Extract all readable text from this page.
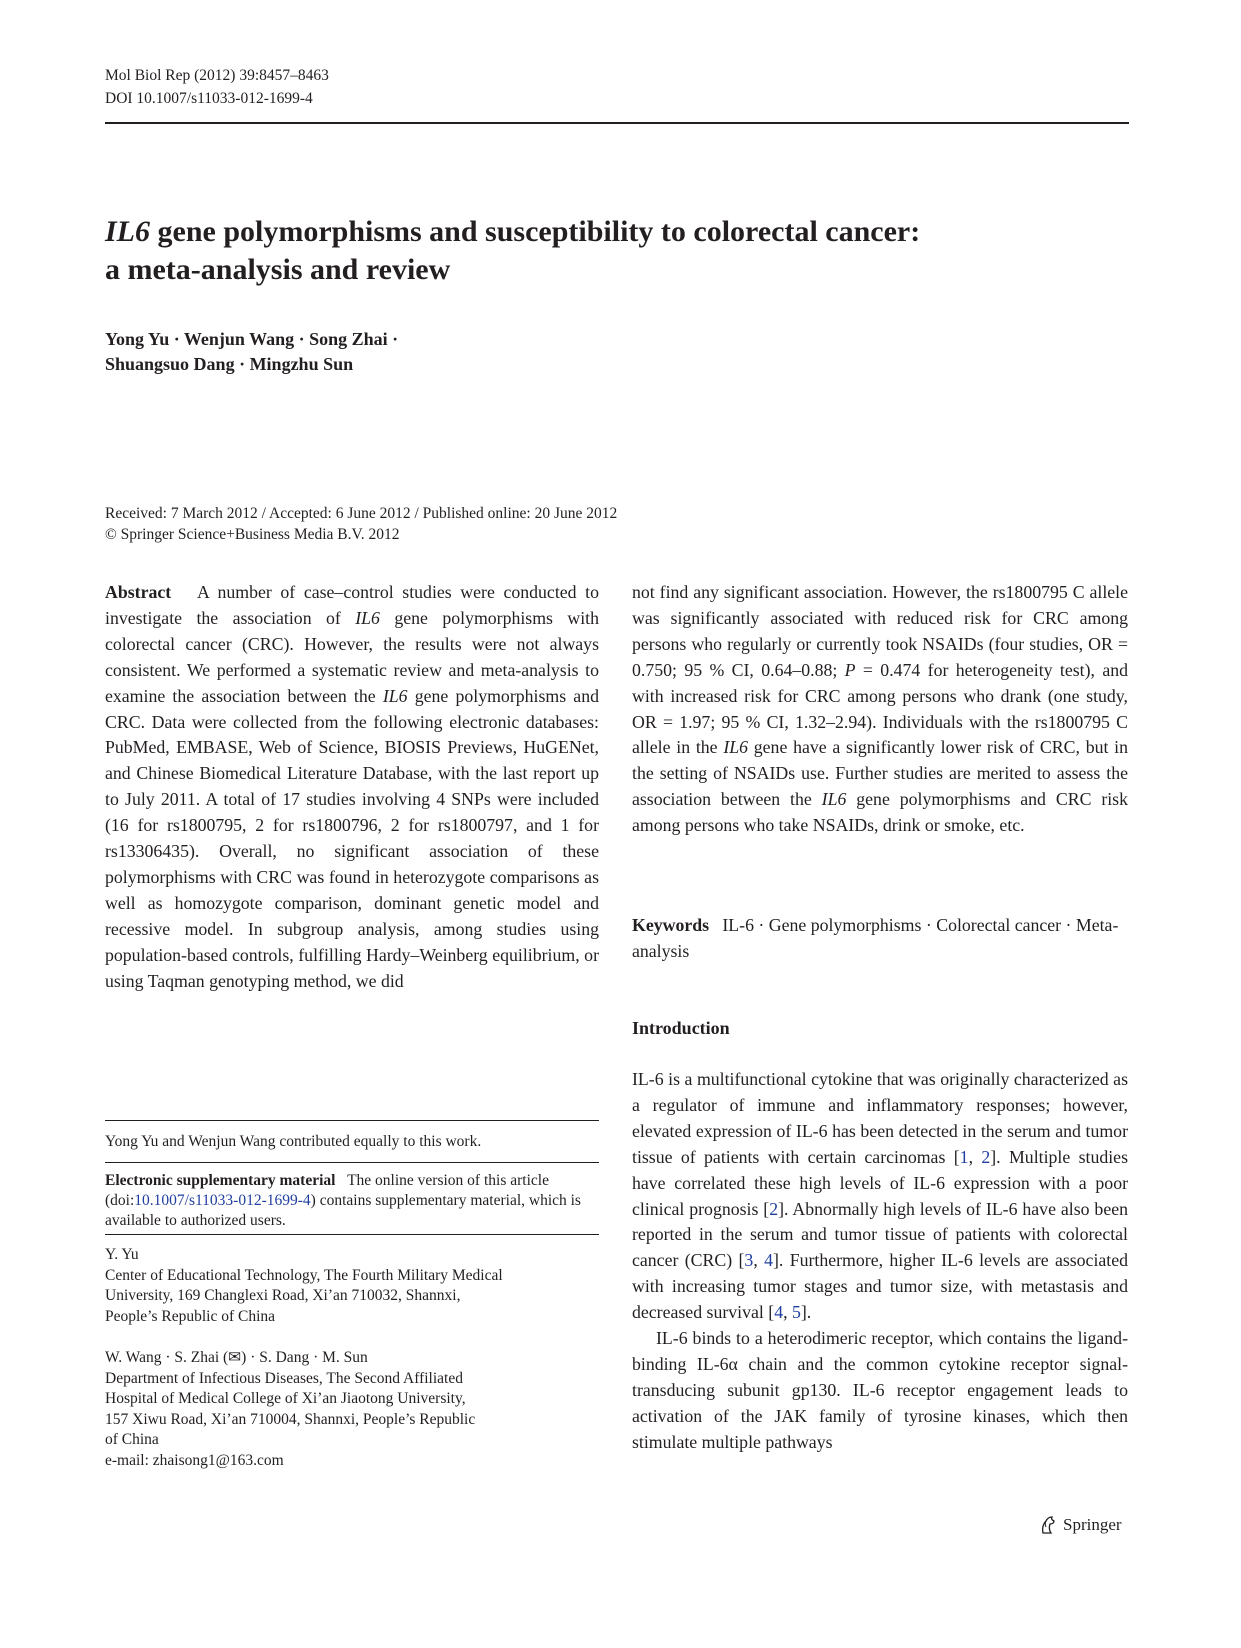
Mol Biol Rep (2012) 39:8457–8463
DOI 10.1007/s11033-012-1699-4
IL6 gene polymorphisms and susceptibility to colorectal cancer:
a meta-analysis and review
Yong Yu · Wenjun Wang · Song Zhai ·
Shuangsuo Dang · Mingzhu Sun
Received: 7 March 2012 / Accepted: 6 June 2012 / Published online: 20 June 2012
© Springer Science+Business Media B.V. 2012

Abstract A number of case–control studies were conducted to investigate the association of IL6 gene polymorphisms with colorectal cancer (CRC). However, the results were not always consistent. We performed a systematic review and meta-analysis to examine the association between the IL6 gene polymorphisms and CRC. Data were collected from the following electronic databases: PubMed, EMBASE, Web of Science, BIOSIS Previews, HuGENet, and Chinese Biomedical Literature Database, with the last report up to July 2011. A total of 17 studies involving 4 SNPs were included (16 for rs1800795, 2 for rs1800796, 2 for rs1800797, and 1 for rs13306435). Overall, no significant association of these polymorphisms with CRC was found in heterozygote comparisons as well as homozygote comparison, dominant genetic model and recessive model. In subgroup analysis, among studies using population-based controls, fulfilling Hardy–Weinberg equilibrium, or using Taqman genotyping method, we did

not find any significant association. However, the rs1800795 C allele was significantly associated with reduced risk for CRC among persons who regularly or currently took NSAIDs (four studies, OR = 0.750; 95 % CI, 0.64–0.88; P = 0.474 for heterogeneity test), and with increased risk for CRC among persons who drank (one study, OR = 1.97; 95 % CI, 1.32–2.94). Individuals with the rs1800795 C allele in the IL6 gene have a significantly lower risk of CRC, but in the setting of NSAIDs use. Further studies are merited to assess the association between the IL6 gene polymorphisms and CRC risk among persons who take NSAIDs, drink or smoke, etc.

Keywords IL-6 · Gene polymorphisms · Colorectal cancer · Meta-analysis
Introduction

IL-6 is a multifunctional cytokine that was originally characterized as a regulator of immune and inflammatory responses; however, elevated expression of IL-6 has been detected in the serum and tumor tissue of patients with certain carcinomas [1, 2]. Multiple studies have correlated these high levels of IL-6 expression with a poor clinical prognosis [2]. Abnormally high levels of IL-6 have also been reported in the serum and tumor tissue of patients with colorectal cancer (CRC) [3, 4]. Furthermore, higher IL-6 levels are associated with increasing tumor stages and tumor size, with metastasis and decreased survival [4, 5].

IL-6 binds to a heterodimeric receptor, which contains the ligand-binding IL-6α chain and the common cytokine receptor signal-transducing subunit gp130. IL-6 receptor engagement leads to activation of the JAK family of tyrosine kinases, which then stimulate multiple pathways

Yong Yu and Wenjun Wang contributed equally to this work.
Electronic supplementary material The online version of this article (doi:10.1007/s11033-012-1699-4) contains supplementary material, which is available to authorized users.
Y. Yu
Center of Educational Technology, The Fourth Military Medical
University, 169 Changlexi Road, Xi’an 710032, Shannxi,
People’s Republic of China
W. Wang · S. Zhai (✉) · S. Dang · M. Sun
Department of Infectious Diseases, The Second Affiliated
Hospital of Medical College of Xi’an Jiaotong University,
157 Xiwu Road, Xi’an 710004, Shannxi, People’s Republic
of China
e-mail: zhaisong1@163.com
Springer
